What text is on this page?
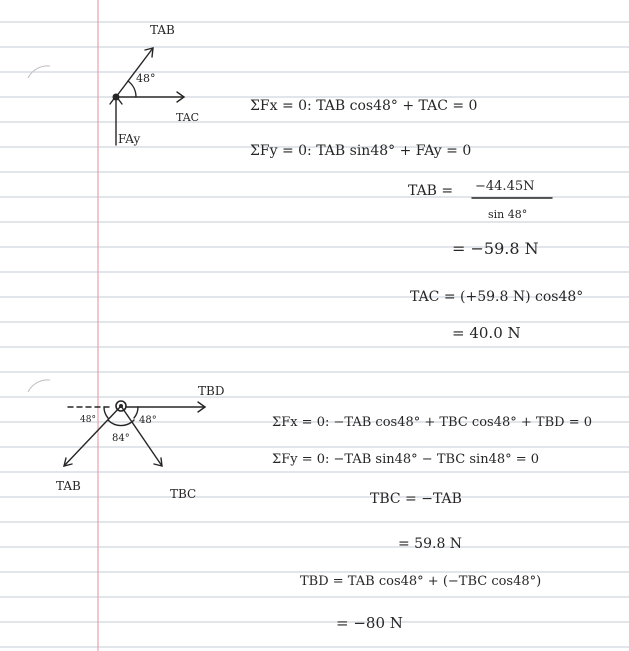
TAB
48°
TAC
FAy
ΣFx = 0: TAB cos48° + TAC = 0
ΣFy = 0: TAB sin48° + FAy = 0
TAB = −44.45N
sin 48°
= −59.8 N
TAC = (+59.8 N) cos48°
= 40.0 N
TBD
48°	48°
84°
TAB
TBC
ΣFx = 0: −TAB cos48° + TBC cos48° + TBD = 0
ΣFy = 0: −TAB sin48° − TBC sin48° = 0
TBC = −TAB
= 59.8 N
TBD = TAB cos48° + (−TBC cos48°)
= −80 N
